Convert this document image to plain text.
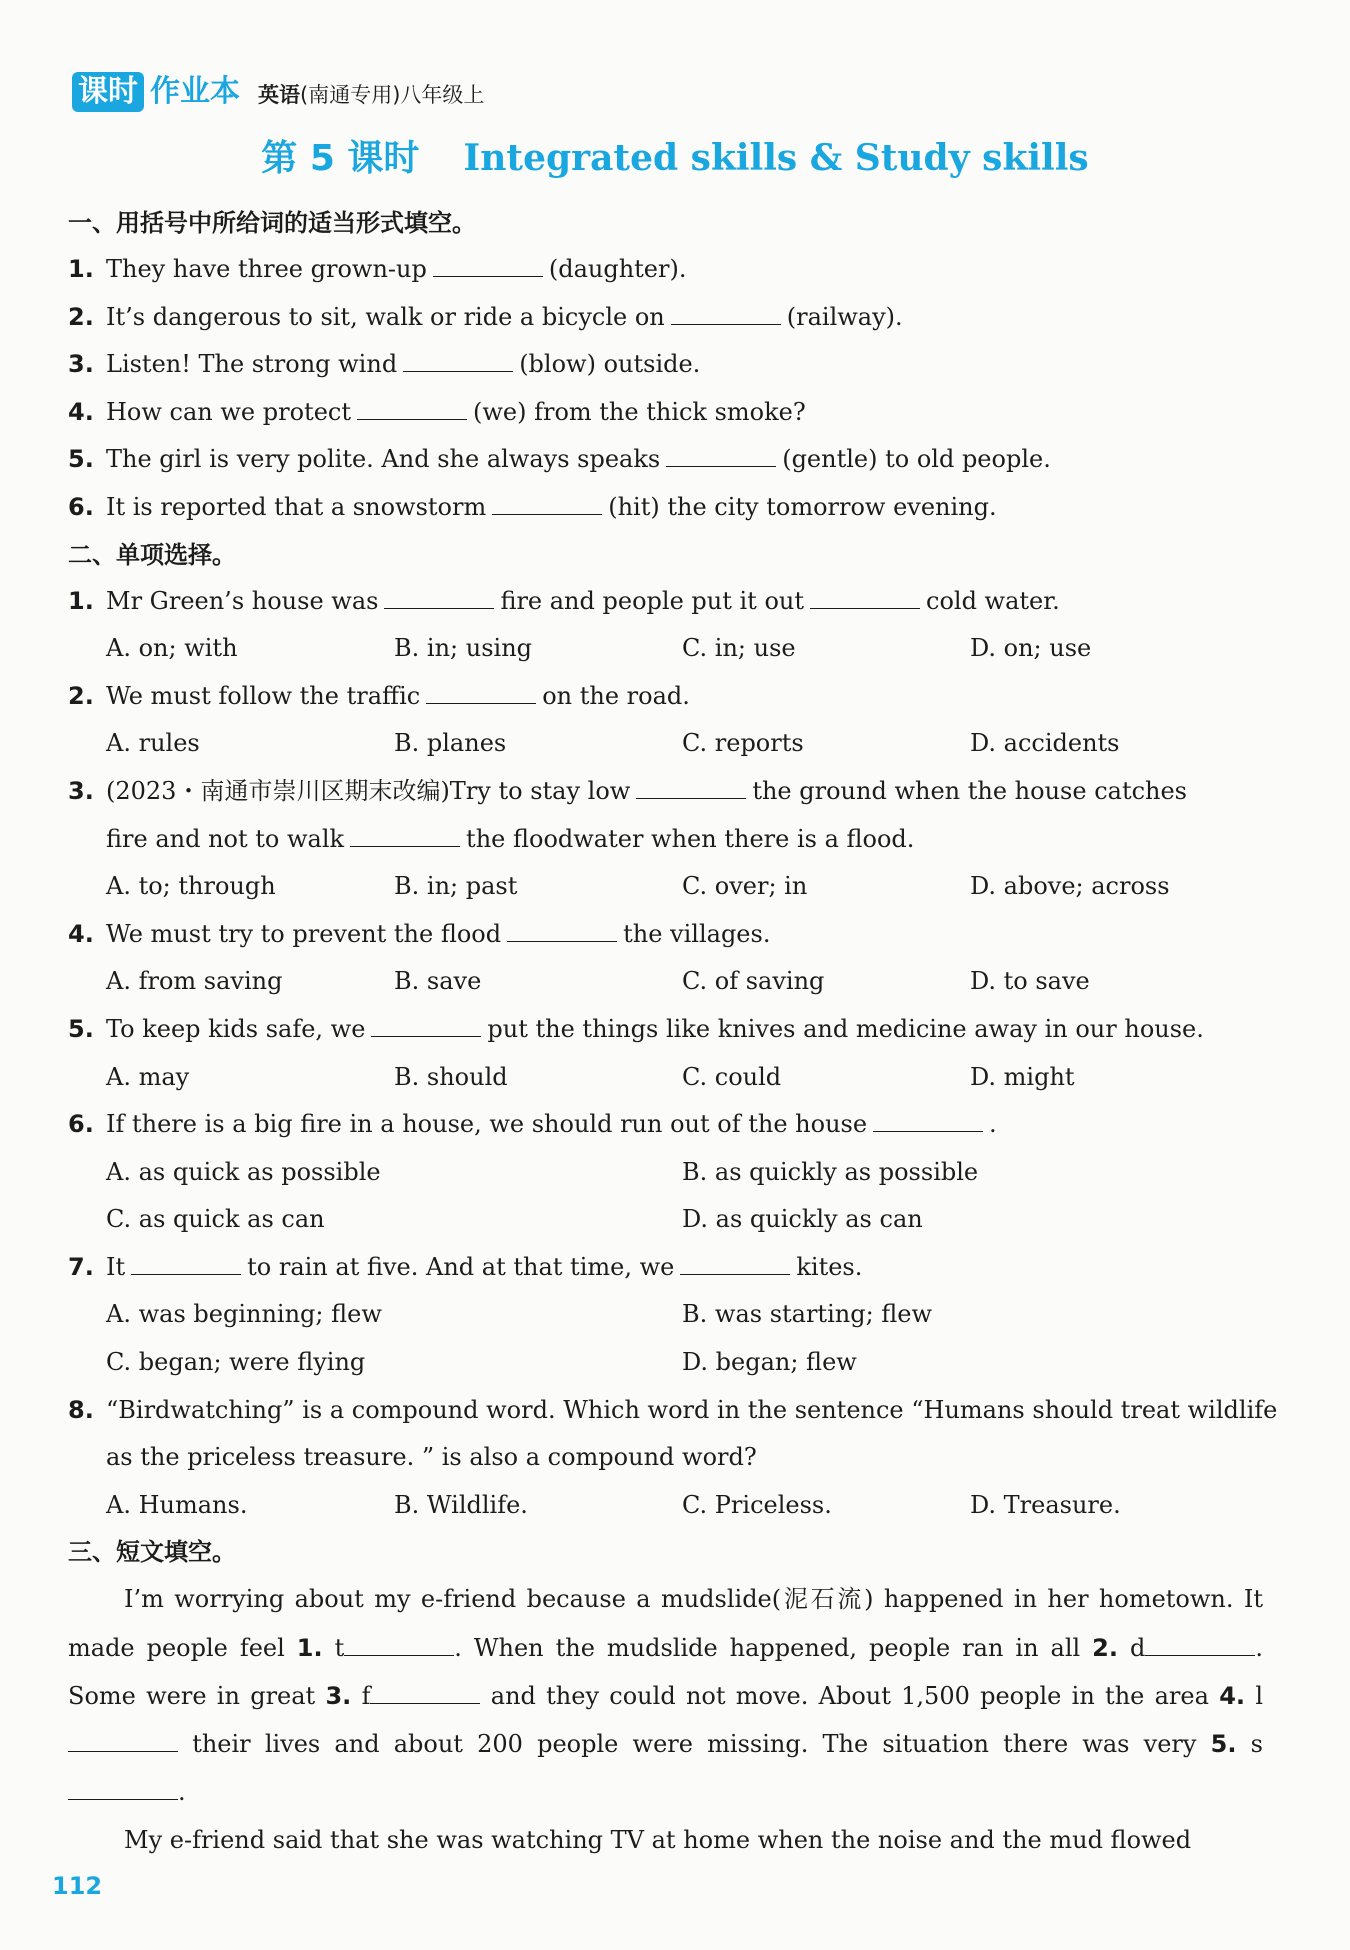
课时 作业本 英语(南通专用)八年级上
第 5 课时 Integrated skills & Study skills
一、用括号中所给词的适当形式填空。
1. They have three grown-up	(daughter).
2. It’s dangerous to sit, walk or ride a bicycle on	(railway).
3. Listen! The strong wind	(blow) outside.
4. How can we protect	(we) from the thick smoke?
5. The girl is very polite. And she always speaks	(gentle) to old people.
6. It is reported that a snowstorm	(hit) the city tomorrow evening.
二、单项选择。
1. Mr Green’s house was	fire and people put it out	cold water.
A. on; with	B. in; using	C. in; use	D. on; use
2. We must follow the traffic	on the road.
A. rules	B. planes	C. reports	D. accidents
3. (2023・南通市崇川区期末改编)Try to stay low	the ground when the house catches
fire and not to walk	the floodwater when there is a flood.
A. to; through	B. in; past	C. over; in	D. above; across
4. We must try to prevent the flood	the villages.
A. from saving	B. save	C. of saving	D. to save
5. To keep kids safe, we	put the things like knives and medicine away in our house.
A. may	B. should	C. could	D. might
6. If there is a big fire in a house, we should run out of the house	.
A. as quick as possible	B. as quickly as possible
C. as quick as can	D. as quickly as can
7. It	to rain at five. And at that time, we	kites.
A. was beginning; flew	B. was starting; flew
C. began; were flying	D. began; flew
8. “Birdwatching” is a compound word. Which word in the sentence “Humans should treat wildlife
as the priceless treasure. ” is also a compound word?
A. Humans.	B. Wildlife.	C. Priceless.	D. Treasure.
三、短文填空。
I’m worrying about my e-friend because a mudslide(泥石流) happened in her hometown. It made people feel 1. t	. When the mudslide happened, people ran in all 2. d	. Some were in great 3. f	and they could not move. About 1,500 people in the area 4. l their lives and about 200 people were missing. The situation there was very 5. s.
My e-friend said that she was watching TV at home when the noise and the mud flowed
112
